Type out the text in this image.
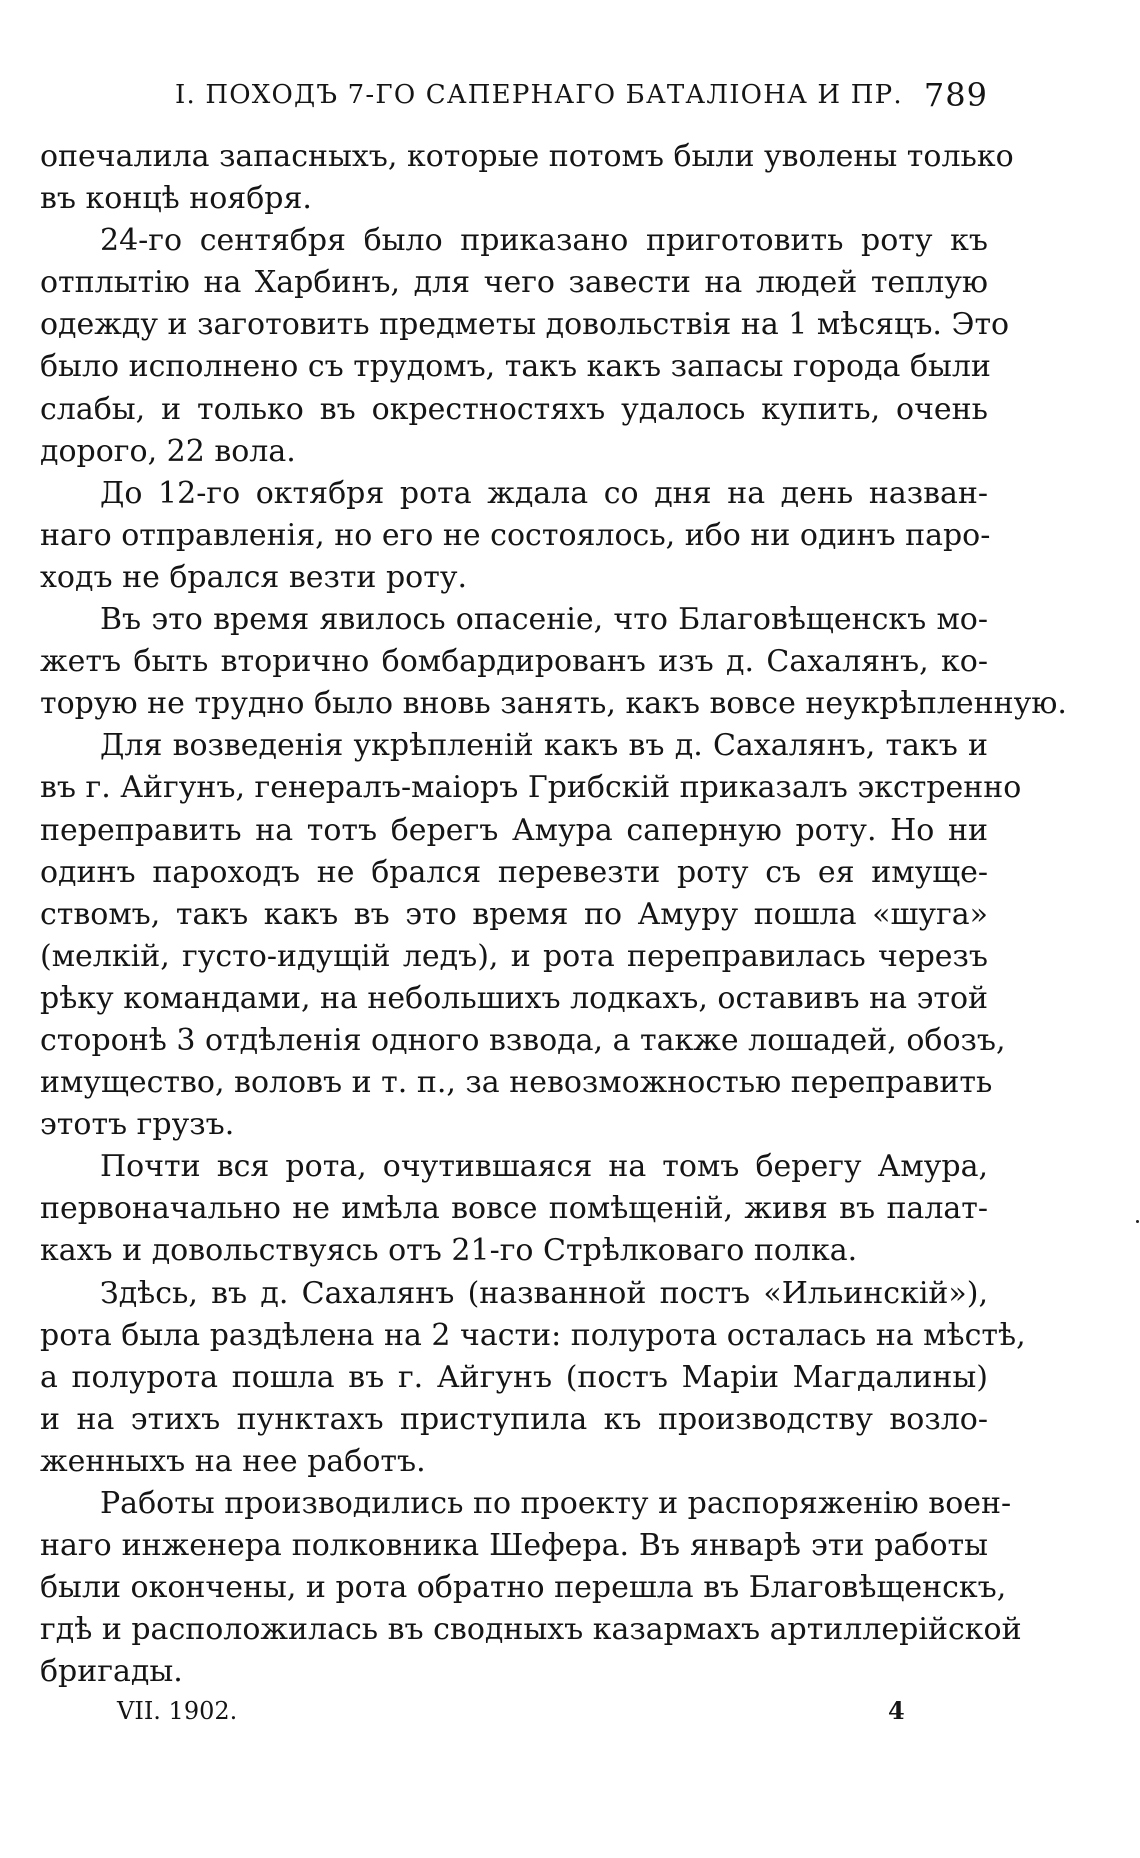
I. ПОХОДЪ 7-ГО САПЕРНАГО БАТАЛІОНА И ПР. 789
опечалила запасныхъ, которые потомъ были уволены только
въ концѣ ноября.
24-го сентября было приказано приготовить роту къ
отплытію на Харбинъ, для чего завести на людей теплую
одежду и заготовить предметы довольствія на 1 мѣсяцъ. Это
было исполнено съ трудомъ, такъ какъ запасы города были
слабы, и только въ окрестностяхъ удалось купить, очень
дорого, 22 вола.
До 12-го октября рота ждала со дня на день назван-
наго отправленія, но его не состоялось, ибо ни одинъ паро-
ходъ не брался везти роту.
Въ это время явилось опасеніе, что Благовѣщенскъ мо-
жетъ быть вторично бомбардированъ изъ д. Сахалянъ, ко-
торую не трудно было вновь занять, какъ вовсе неукрѣпленную.
Для возведенія укрѣпленій какъ въ д. Сахалянъ, такъ и
въ г. Айгунъ, генералъ-маіоръ Грибскій приказалъ экстренно
переправить на тотъ берегъ Амура саперную роту. Но ни
одинъ пароходъ не брался перевезти роту съ ея имуще-
ствомъ, такъ какъ въ это время по Амуру пошла «шуга»
(мелкій, густо-идущій ледъ), и рота переправилась черезъ
рѣку командами, на небольшихъ лодкахъ, оставивъ на этой
сторонѣ 3 отдѣленія одного взвода, а также лошадей, обозъ,
имущество, воловъ и т. п., за невозможностью переправить
этотъ грузъ.
Почти вся рота, очутившаяся на томъ берегу Амура,
первоначально не имѣла вовсе помѣщеній, живя въ палат-
кахъ и довольствуясь отъ 21-го Стрѣлковаго полка.
Здѣсь, въ д. Сахалянъ (названной постъ «Ильинскій»),
рота была раздѣлена на 2 части: полурота осталась на мѣстѣ,
а полурота пошла въ г. Айгунъ (постъ Маріи Магдалины)
и на этихъ пунктахъ приступила къ производству возло-
женныхъ на нее работъ.
Работы производились по проекту и распоряженію воен-
наго инженера полковника Шефера. Въ январѣ эти работы
были окончены, и рота обратно перешла въ Благовѣщенскъ,
гдѣ и расположилась въ сводныхъ казармахъ артиллерійской
бригады.
VII. 1902.	4
